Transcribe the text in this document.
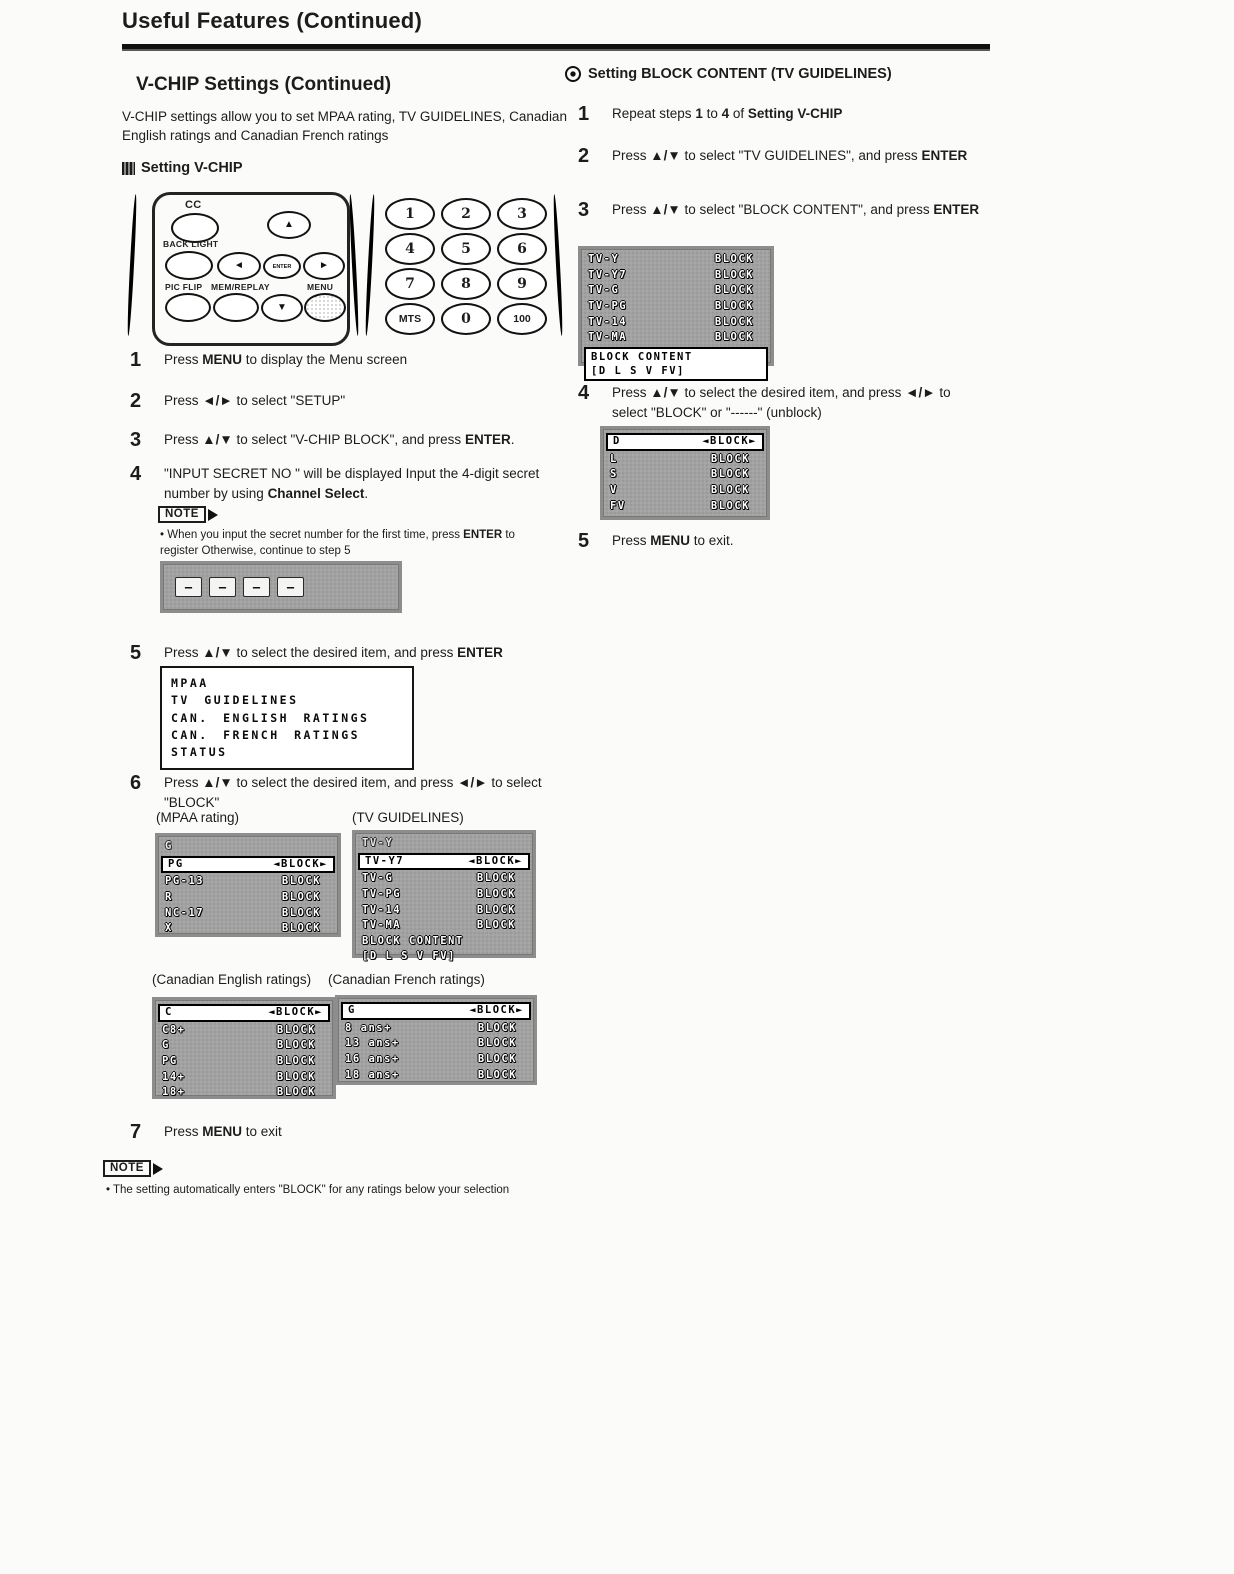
Useful Features (Continued)
V-CHIP Settings (Continued)
V-CHIP settings allow you to set MPAA rating, TV GUIDELINES, Canadian English ratings and Canadian French ratings
Setting V-CHIP
CC
▲
BACK LIGHT
◄	ENTER	►
PIC FLIP MEM/REPLAY	MENU
▼
1	2	3
4	5	6
7	8	9
MTS	0	100
1	Press MENU to display the Menu screen
2	Press ◄/► to select "SETUP"
3	Press ▲/▼ to select "V-CHIP BLOCK", and press ENTER.
4	"INPUT SECRET NO " will be displayed Input the 4-digit secret number by using Channel Select.
NOTE
• When you input the secret number for the first time, press ENTER to register Otherwise, continue to step 5
–	–	–	–
5	Press ▲/▼ to select the desired item, and press ENTER
MPAA
TV GUIDELINES
CAN. ENGLISH RATINGS
CAN. FRENCH RATINGS
STATUS
6	Press ▲/▼ to select the desired item, and press ◄/► to select "BLOCK"
(MPAA rating)	(TV GUIDELINES)
G
PG	◄BLOCK►
PG-13	BLOCK
R	BLOCK
NC-17	BLOCK
X	BLOCK
TV-Y
TV-Y7	◄BLOCK►
TV-G	BLOCK
TV-PG	BLOCK
TV-14	BLOCK
TV-MA	BLOCK
BLOCK CONTENT
[D L S V FV]
(Canadian English ratings) (Canadian French ratings)
C	◄BLOCK►
C8+	BLOCK
G	BLOCK
PG	BLOCK
14+	BLOCK
18+	BLOCK
G	◄BLOCK►
8 ans+	BLOCK
13 ans+	BLOCK
16 ans+	BLOCK
18 ans+	BLOCK
7	Press MENU to exit
NOTE
• The setting automatically enters "BLOCK" for any ratings below your selection
Setting BLOCK CONTENT (TV GUIDELINES)
1	Repeat steps 1 to 4 of Setting V-CHIP
2	Press ▲/▼ to select "TV GUIDELINES", and press ENTER
3	Press ▲/▼ to select "BLOCK CONTENT", and press ENTER
TV-Y	BLOCK
TV-Y7	BLOCK
TV-G	BLOCK
TV-PG	BLOCK
TV-14	BLOCK
TV-MA	BLOCK
BLOCK CONTENT
[D L S V FV]
4	Press ▲/▼ to select the desired item, and press ◄/► to select "BLOCK" or "------" (unblock)
D	◄BLOCK►
L	BLOCK
S	BLOCK
V	BLOCK
FV	BLOCK
5	Press MENU to exit.
